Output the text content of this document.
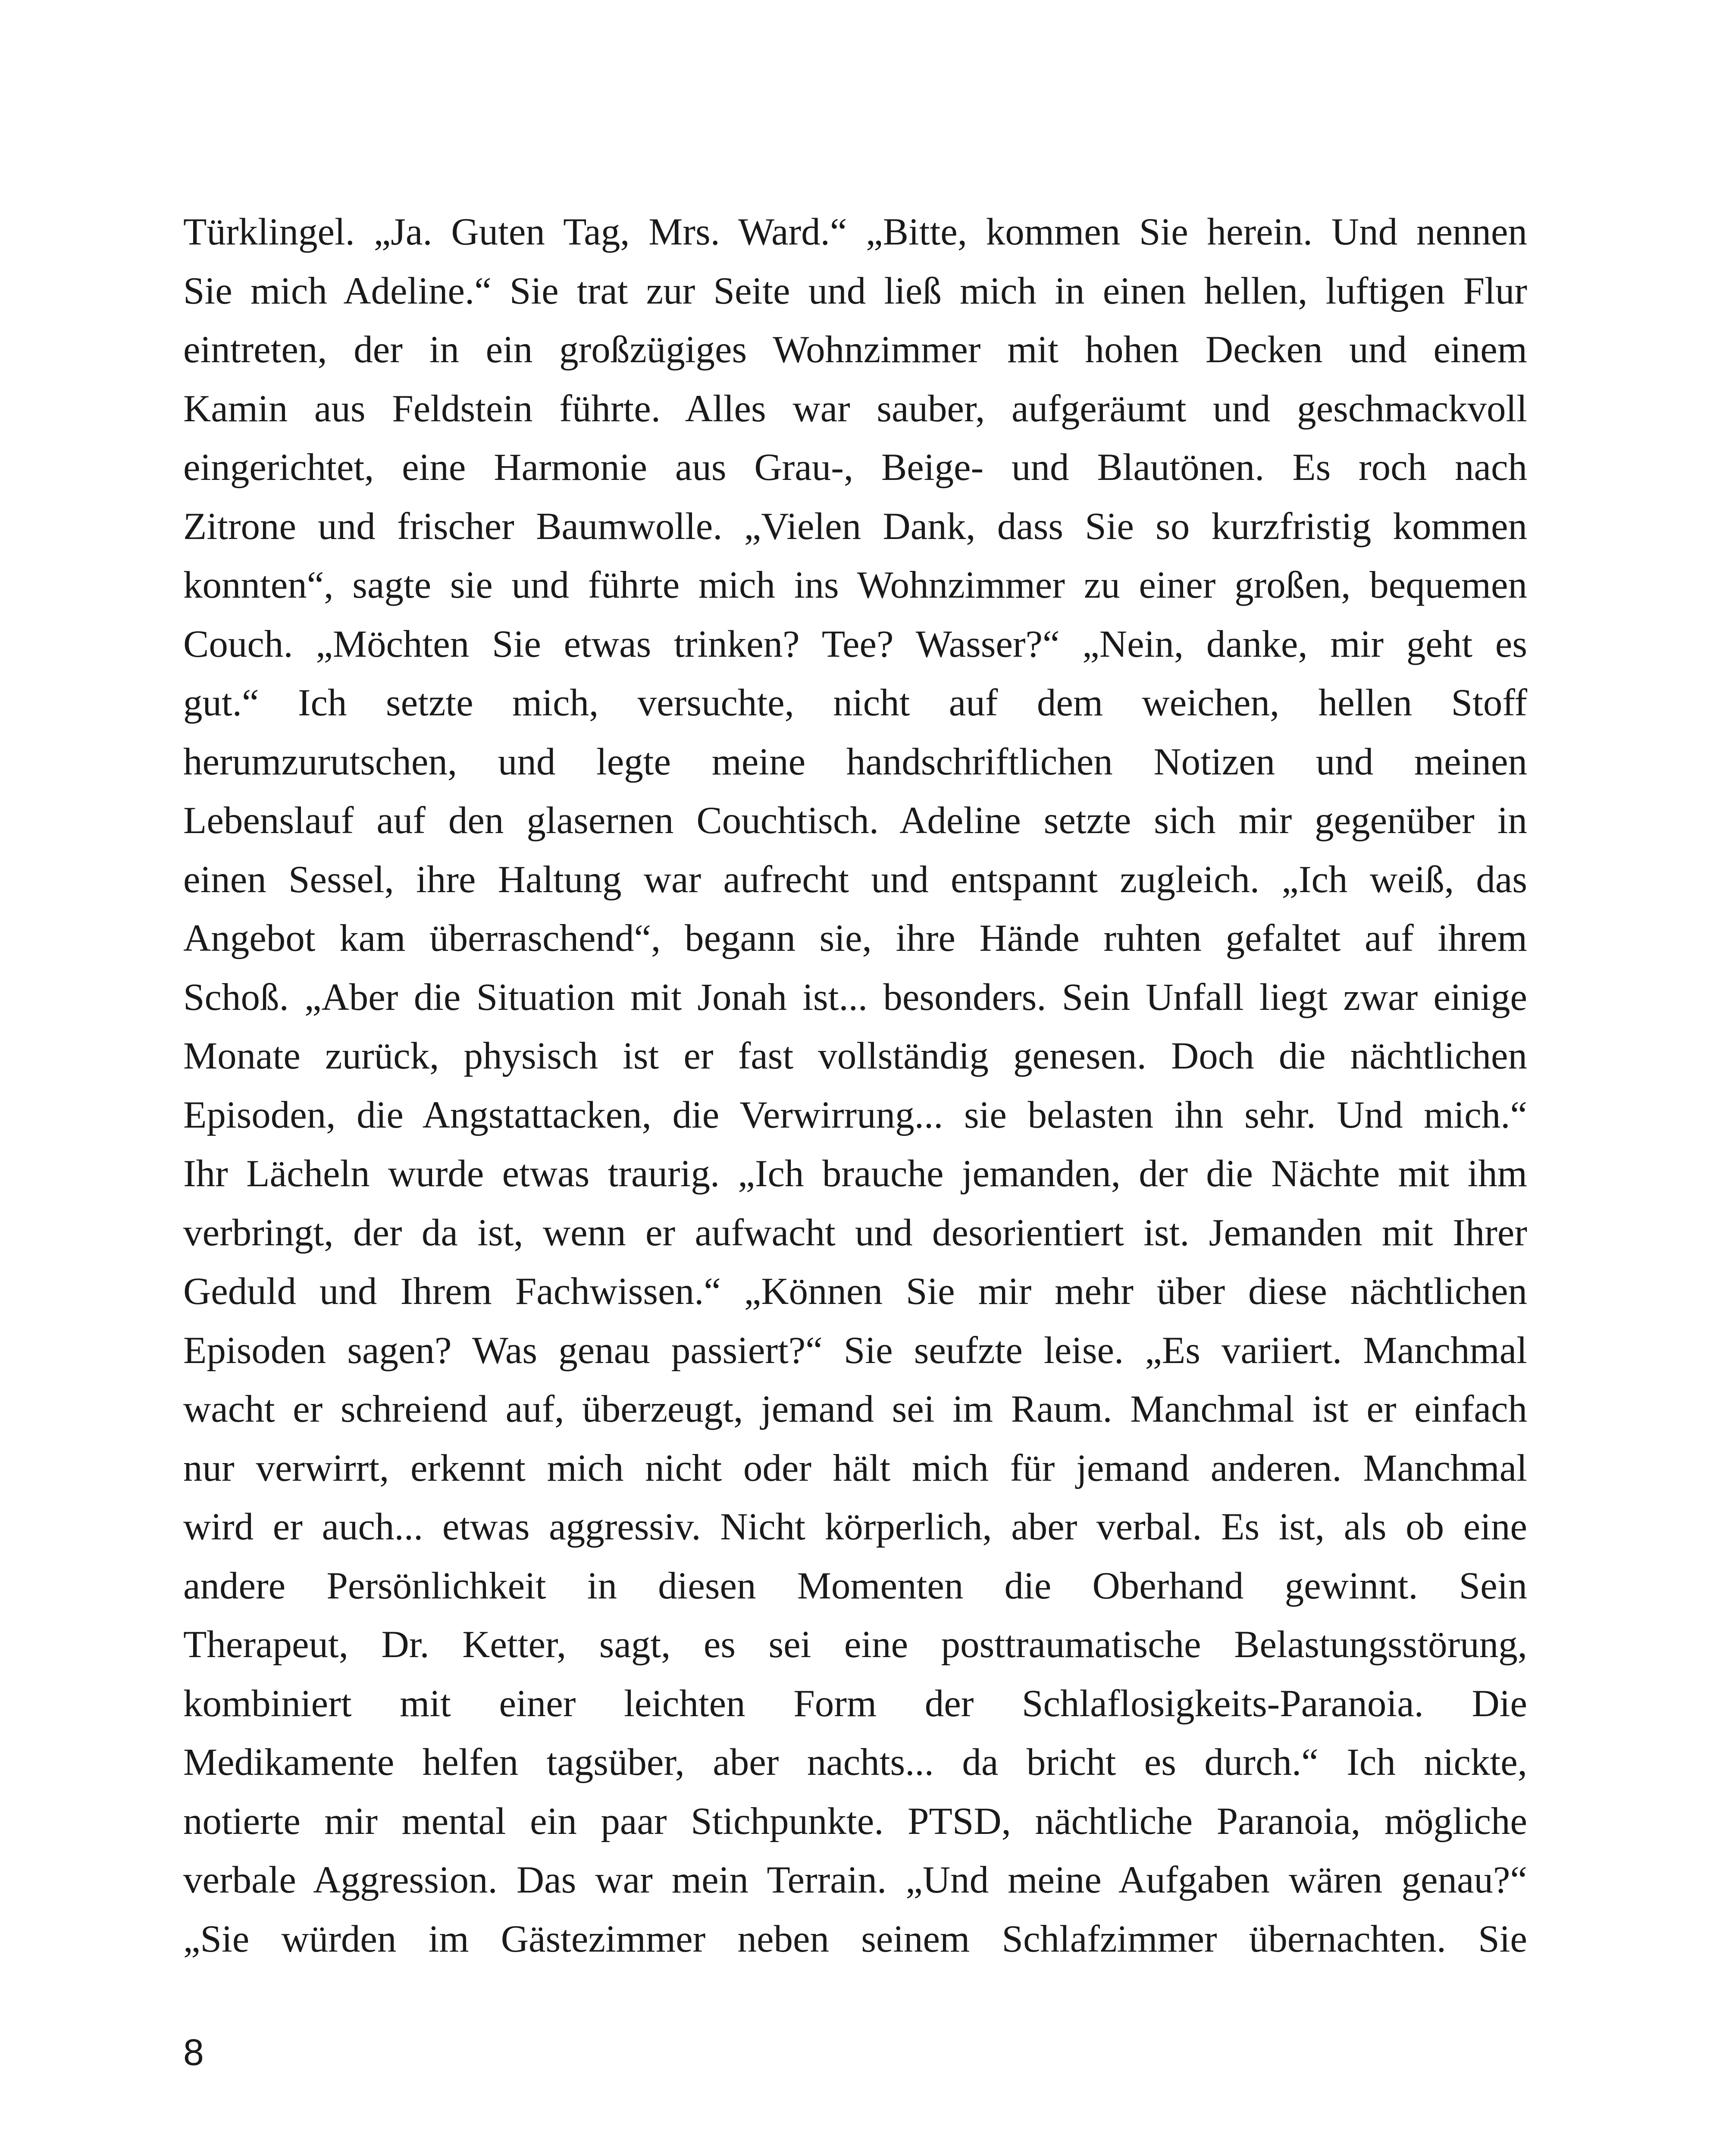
Türklingel. „Ja. Guten Tag, Mrs. Ward.“ „Bitte, kommen Sie herein. Und nennen
Sie mich Adeline.“ Sie trat zur Seite und ließ mich in einen hellen, luftigen Flur
eintreten, der in ein großzügiges Wohnzimmer mit hohen Decken und einem
Kamin aus Feldstein führte. Alles war sauber, aufgeräumt und geschmackvoll
eingerichtet, eine Harmonie aus Grau-, Beige- und Blautönen. Es roch nach
Zitrone und frischer Baumwolle. „Vielen Dank, dass Sie so kurzfristig kommen
konnten“, sagte sie und führte mich ins Wohnzimmer zu einer großen, bequemen
Couch. „Möchten Sie etwas trinken? Tee? Wasser?“ „Nein, danke, mir geht es
gut.“ Ich setzte mich, versuchte, nicht auf dem weichen, hellen Stoff
herumzurutschen, und legte meine handschriftlichen Notizen und meinen
Lebenslauf auf den glasernen Couchtisch. Adeline setzte sich mir gegenüber in
einen Sessel, ihre Haltung war aufrecht und entspannt zugleich. „Ich weiß, das
Angebot kam überraschend“, begann sie, ihre Hände ruhten gefaltet auf ihrem
Schoß. „Aber die Situation mit Jonah ist... besonders. Sein Unfall liegt zwar einige
Monate zurück, physisch ist er fast vollständig genesen. Doch die nächtlichen
Episoden, die Angstattacken, die Verwirrung... sie belasten ihn sehr. Und mich.“
Ihr Lächeln wurde etwas traurig. „Ich brauche jemanden, der die Nächte mit ihm
verbringt, der da ist, wenn er aufwacht und desorientiert ist. Jemanden mit Ihrer
Geduld und Ihrem Fachwissen.“ „Können Sie mir mehr über diese nächtlichen
Episoden sagen? Was genau passiert?“ Sie seufzte leise. „Es variiert. Manchmal
wacht er schreiend auf, überzeugt, jemand sei im Raum. Manchmal ist er einfach
nur verwirrt, erkennt mich nicht oder hält mich für jemand anderen. Manchmal
wird er auch... etwas aggressiv. Nicht körperlich, aber verbal. Es ist, als ob eine
andere Persönlichkeit in diesen Momenten die Oberhand gewinnt. Sein
Therapeut, Dr. Ketter, sagt, es sei eine posttraumatische Belastungsstörung,
kombiniert mit einer leichten Form der Schlaflosigkeits-Paranoia. Die
Medikamente helfen tagsüber, aber nachts... da bricht es durch.“ Ich nickte,
notierte mir mental ein paar Stichpunkte. PTSD, nächtliche Paranoia, mögliche
verbale Aggression. Das war mein Terrain. „Und meine Aufgaben wären genau?“
„Sie würden im Gästezimmer neben seinem Schlafzimmer übernachten. Sie

8
